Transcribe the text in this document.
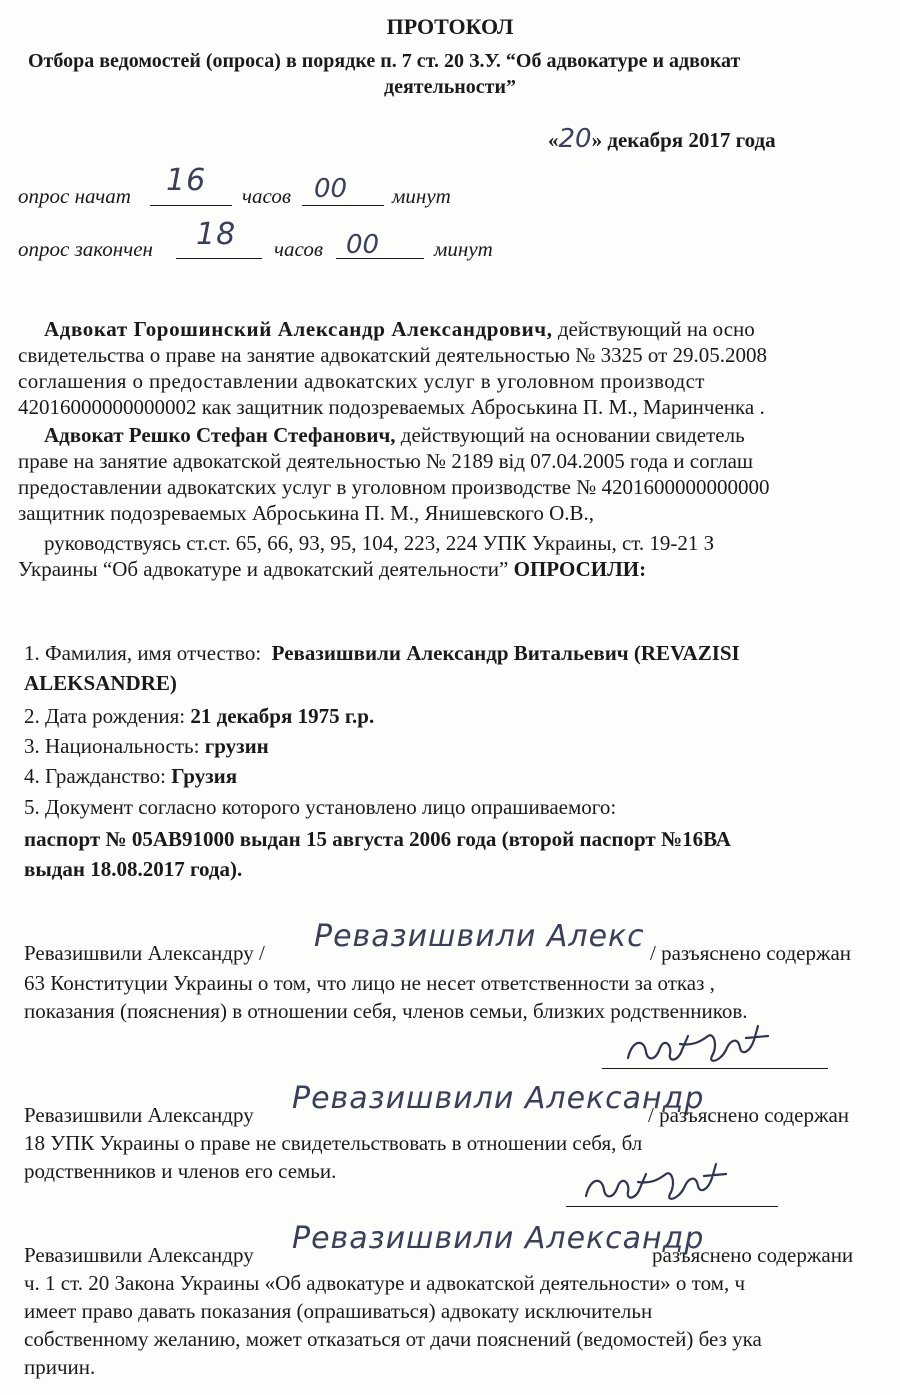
ПРОТОКОЛ
Отбора ведомостей (опроса) в порядке п. 7 ст. 20 З.У. “Об адвокатуре и адвокат
деятельности”
«20» декабря 2017 года
опрос начат 16 часов 00 минут
опрос закончен 18 часов 00	минут
Адвокат Горошинский Александр Александрович, действующий на осно
свидетельства о праве на занятие адвокатский деятельностью № 3325 от 29.05.2008
соглашения о предоставлении адвокатских услуг в уголовном производст
42016000000000002 как защитник подозреваемых Аброськина П. М., Маринченка .
Адвокат Решко Стефан Стефанович, действующий на основании свидетель
праве на занятие адвокатской деятельностью № 2189 від 07.04.2005 года и соглаш
предоставлении адвокатских услуг в уголовном производстве № 4201600000000000
защитник подозреваемых Аброськина П. М., Янишевского О.В.,
руководствуясь ст.ст. 65, 66, 93, 95, 104, 223, 224 УПК Украины, ст. 19-21 З
Украины “Об адвокатуре и адвокатский деятельности” ОПРОСИЛИ:
1. Фамилия, имя отчество: Ревазишвили Александр Витальевич (REVAZISI
ALEKSANDRE)
2. Дата рождения: 21 декабря 1975 г.р.
3. Национальность: грузин
4. Гражданство: Грузия
5. Документ согласно которого установлено лицо опрашиваемого:
паспорт № 05АВ91000 выдан 15 августа 2006 года (второй паспорт №16ВА
выдан 18.08.2017 года).
Ревазишвили Александру / Ревазишвили Алекс / разъяснено содержан
63 Конституции Украины о том, что лицо не несет ответственности за отказ ,
показания (пояснения) в отношении себя, членов семьи, близких родственников.
Ревазишвили Александру Ревазишвили Александр
/ разъяснено содержан
18 УПК Украины о праве не свидетельствовать в отношении себя, бл
родственников и членов его семьи.
Ревазишвили Александру Ревазишвили Александр
разъяснено содержани
ч. 1 ст. 20 Закона Украины «Об адвокатуре и адвокатской деятельности» о том, ч
имеет право давать показания (опрашиваться) адвокату исключительн
собственному желанию, может отказаться от дачи пояснений (ведомостей) без ука
причин.
